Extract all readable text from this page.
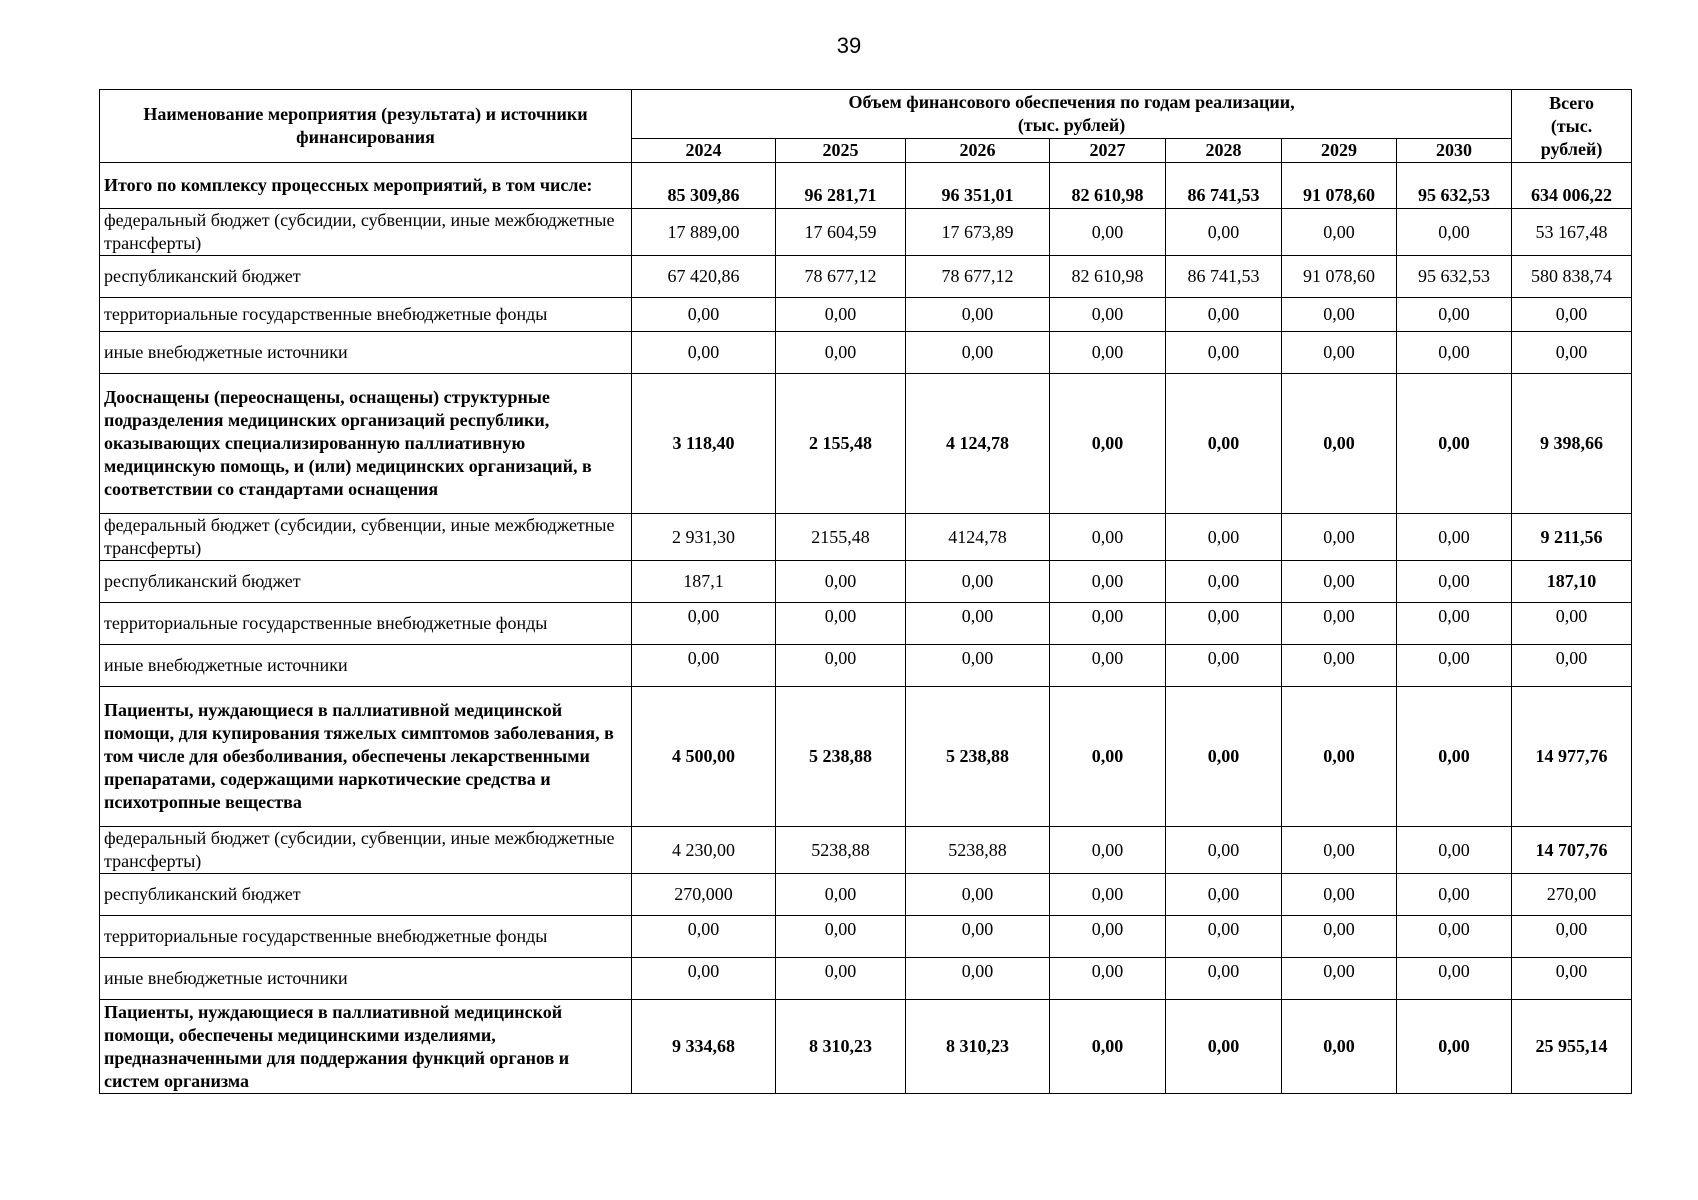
39
Наименование мероприятия (результата) и источники финансирования	Объем финансового обеспечения по годам реализации,
(тыс. рублей)							Всего (тыс. рублей)
	2024	2025	2026	2027	2028	2029	2030	
Итого по комплексу процессных мероприятий, в том числе:	85 309,86	96 281,71	96 351,01	82 610,98	86 741,53	91 078,60	95 632,53	634 006,22
федеральный бюджет (субсидии, субвенции, иные межбюджетные трансферты)	17 889,00	17 604,59	17 673,89	0,00	0,00	0,00	0,00	53 167,48
республиканский бюджет	67 420,86	78 677,12	78 677,12	82 610,98	86 741,53	91 078,60	95 632,53	580 838,74
территориальные государственные внебюджетные фонды	0,00	0,00	0,00	0,00	0,00	0,00	0,00	0,00
иные внебюджетные источники	0,00	0,00	0,00	0,00	0,00	0,00	0,00	0,00
Дооснащены (переоснащены, оснащены) структурные подразделения медицинских организаций республики, оказывающих специализированную паллиативную медицинскую помощь, и (или) медицинских организаций, в соответствии со стандартами оснащения	3 118,40	2 155,48	4 124,78	0,00	0,00	0,00	0,00	9 398,66
федеральный бюджет (субсидии, субвенции, иные межбюджетные трансферты)	2 931,30	2155,48	4124,78	0,00	0,00	0,00	0,00	9 211,56
республиканский бюджет	187,1	0,00	0,00	0,00	0,00	0,00	0,00	187,10
территориальные государственные внебюджетные фонды	0,00	0,00	0,00	0,00	0,00	0,00	0,00	0,00
иные внебюджетные источники	0,00	0,00	0,00	0,00	0,00	0,00	0,00	0,00
Пациенты, нуждающиеся в паллиативной медицинской помощи, для купирования тяжелых симптомов заболевания, в том числе для обезболивания, обеспечены лекарственными препаратами, содержащими наркотические средства и психотропные вещества	4 500,00	5 238,88	5 238,88	0,00	0,00	0,00	0,00	14 977,76
федеральный бюджет (субсидии, субвенции, иные межбюджетные трансферты)	4 230,00	5238,88	5238,88	0,00	0,00	0,00	0,00	14 707,76
республиканский бюджет	270,000	0,00	0,00	0,00	0,00	0,00	0,00	270,00
территориальные государственные внебюджетные фонды	0,00	0,00	0,00	0,00	0,00	0,00	0,00	0,00
иные внебюджетные источники	0,00	0,00	0,00	0,00	0,00	0,00	0,00	0,00
Пациенты, нуждающиеся в паллиативной медицинской помощи, обеспечены медицинскими изделиями, предназначенными для поддержания функций органов и систем организма	9 334,68	8 310,23	8 310,23	0,00	0,00	0,00	0,00	25 955,14
